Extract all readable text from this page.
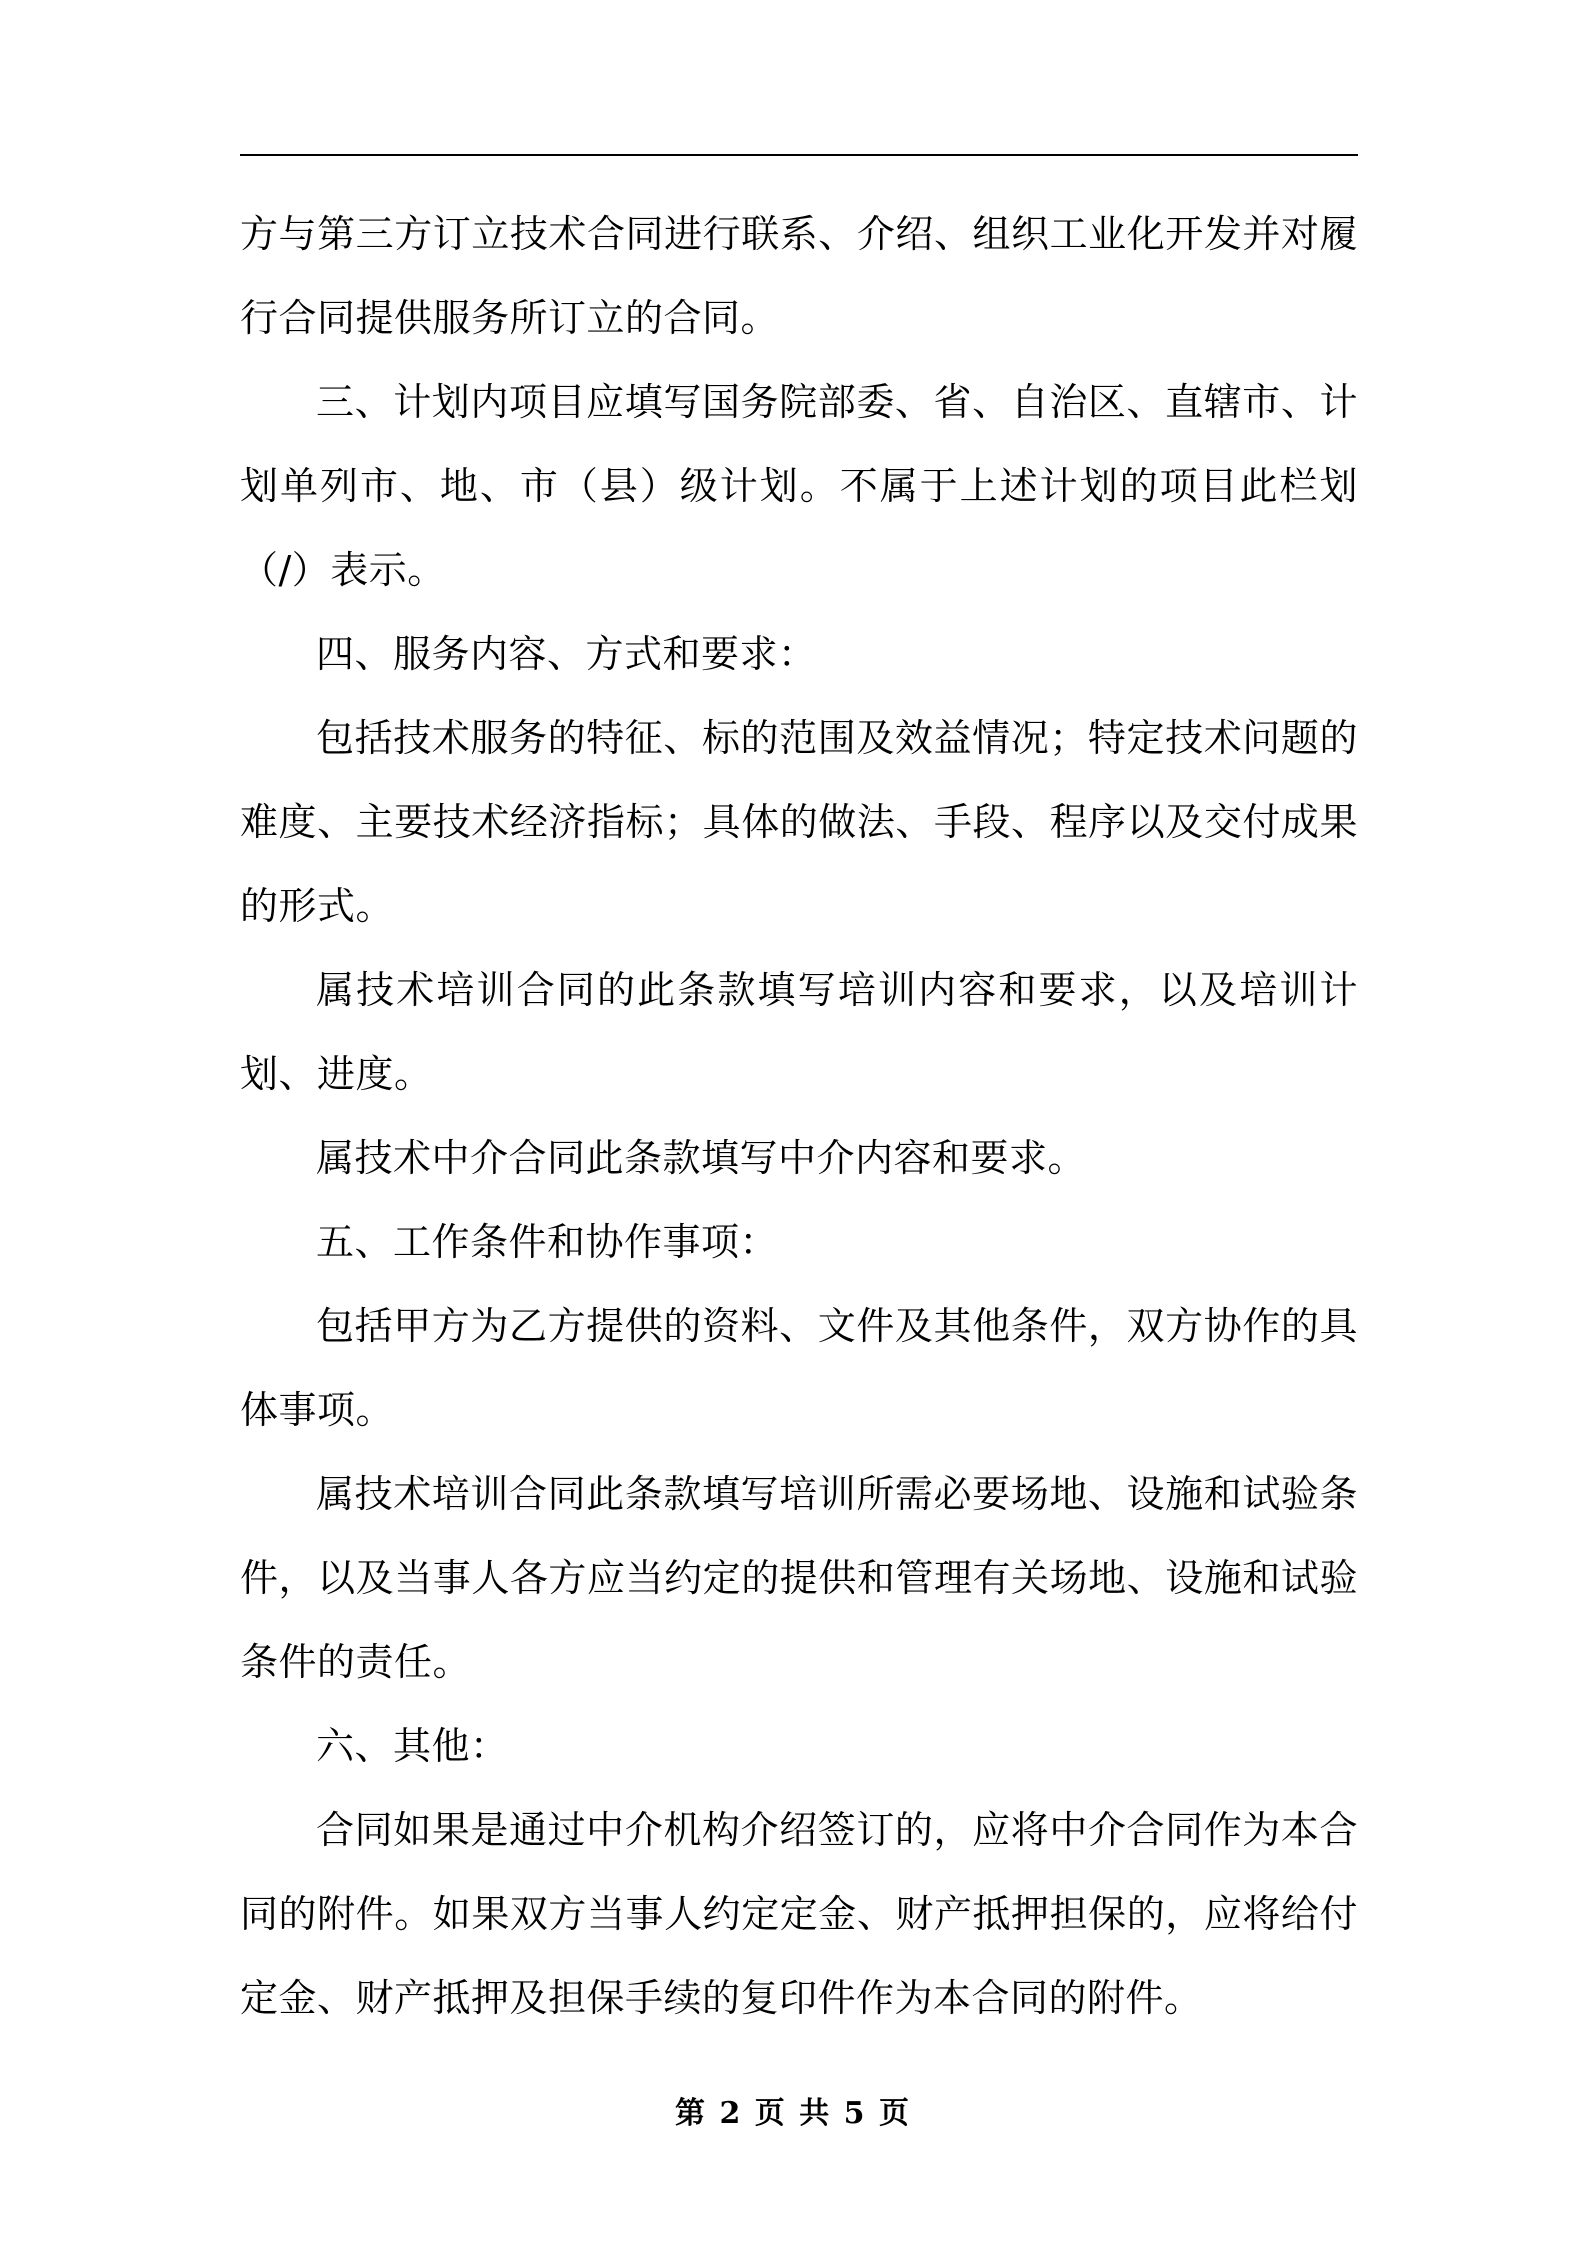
方与第三方订立技术合同进行联系、介绍、组织工业化开发并对履行合同提供服务所订立的合同。

三、计划内项目应填写国务院部委、省、自治区、直辖市、计划单列市、地、市（县）级计划。不属于上述计划的项目此栏划（/）表示。

四、服务内容、方式和要求：

包括技术服务的特征、标的范围及效益情况；特定技术问题的难度、主要技术经济指标；具体的做法、手段、程序以及交付成果的形式。

属技术培训合同的此条款填写培训内容和要求，以及培训计划、进度。

属技术中介合同此条款填写中介内容和要求。

五、工作条件和协作事项：

包括甲方为乙方提供的资料、文件及其他条件，双方协作的具体事项。

属技术培训合同此条款填写培训所需必要场地、设施和试验条件，以及当事人各方应当约定的提供和管理有关场地、设施和试验条件的责任。

六、其他：

合同如果是通过中介机构介绍签订的，应将中介合同作为本合同的附件。如果双方当事人约定定金、财产抵押担保的，应将给付定金、财产抵押及担保手续的复印件作为本合同的附件。

第 2 页 共 5 页
